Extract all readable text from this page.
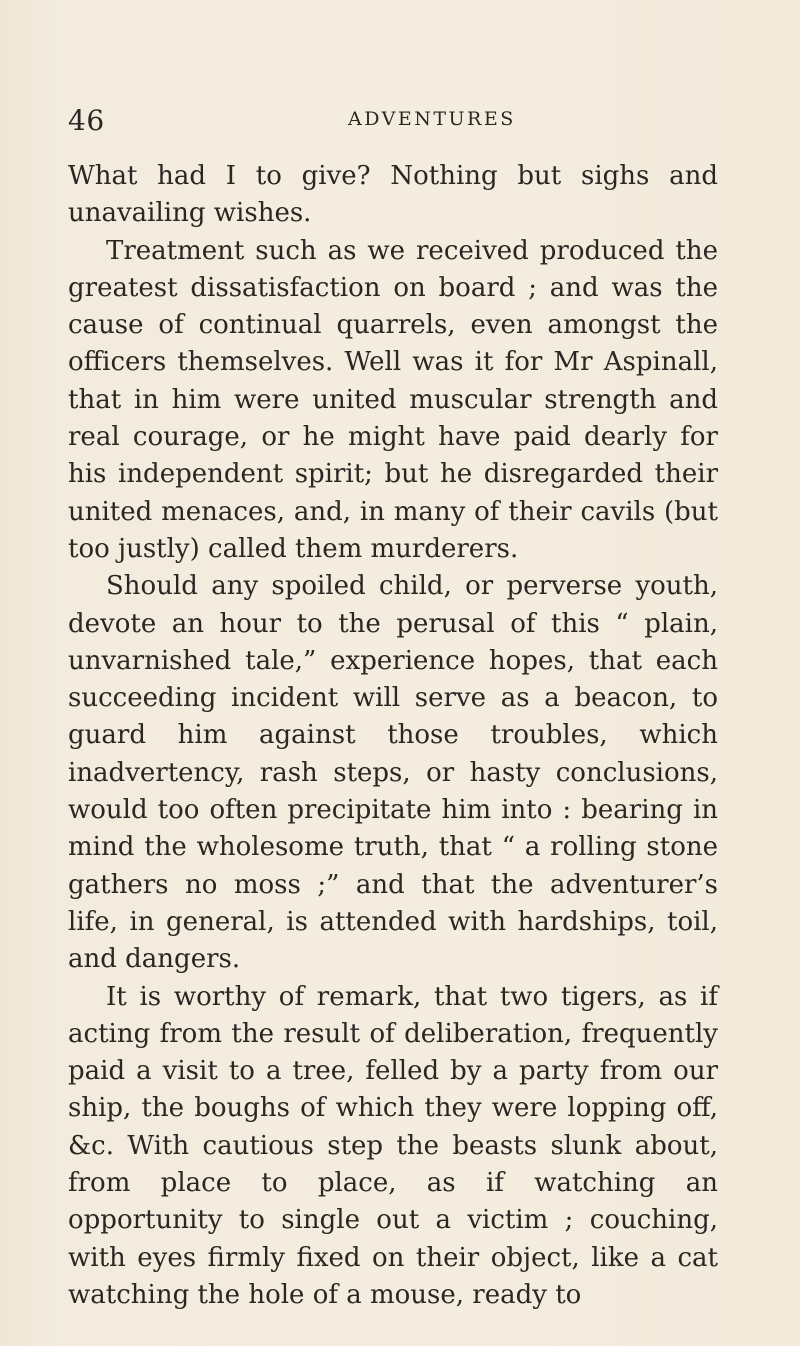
46	ADVENTURES

What had I to give? Nothing but sighs and unavailing wishes.

Treatment such as we received produced the greatest dissatisfaction on board ; and was the cause of continual quarrels, even amongst the officers themselves. Well was it for Mr Aspinall, that in him were united muscular strength and real courage, or he might have paid dearly for his independent spirit; but he disregarded their united menaces, and, in many of their cavils (but too justly) called them murderers.

Should any spoiled child, or perverse youth, devote an hour to the perusal of this “ plain, unvarnished tale,” experience hopes, that each succeeding incident will serve as a beacon, to guard him against those troubles, which inadvertency, rash steps, or hasty conclusions, would too often precipitate him into : bearing in mind the wholesome truth, that “ a rolling stone gathers no moss ;” and that the adventurer’s life, in general, is attended with hardships, toil, and dangers.

It is worthy of remark, that two tigers, as if acting from the result of deliberation, frequently paid a visit to a tree, felled by a party from our ship, the boughs of which they were lopping off, &c. With cautious step the beasts slunk about, from place to place, as if watching an opportunity to single out a victim ; couching, with eyes firmly fixed on their object, like a cat watching the hole of a mouse, ready to
